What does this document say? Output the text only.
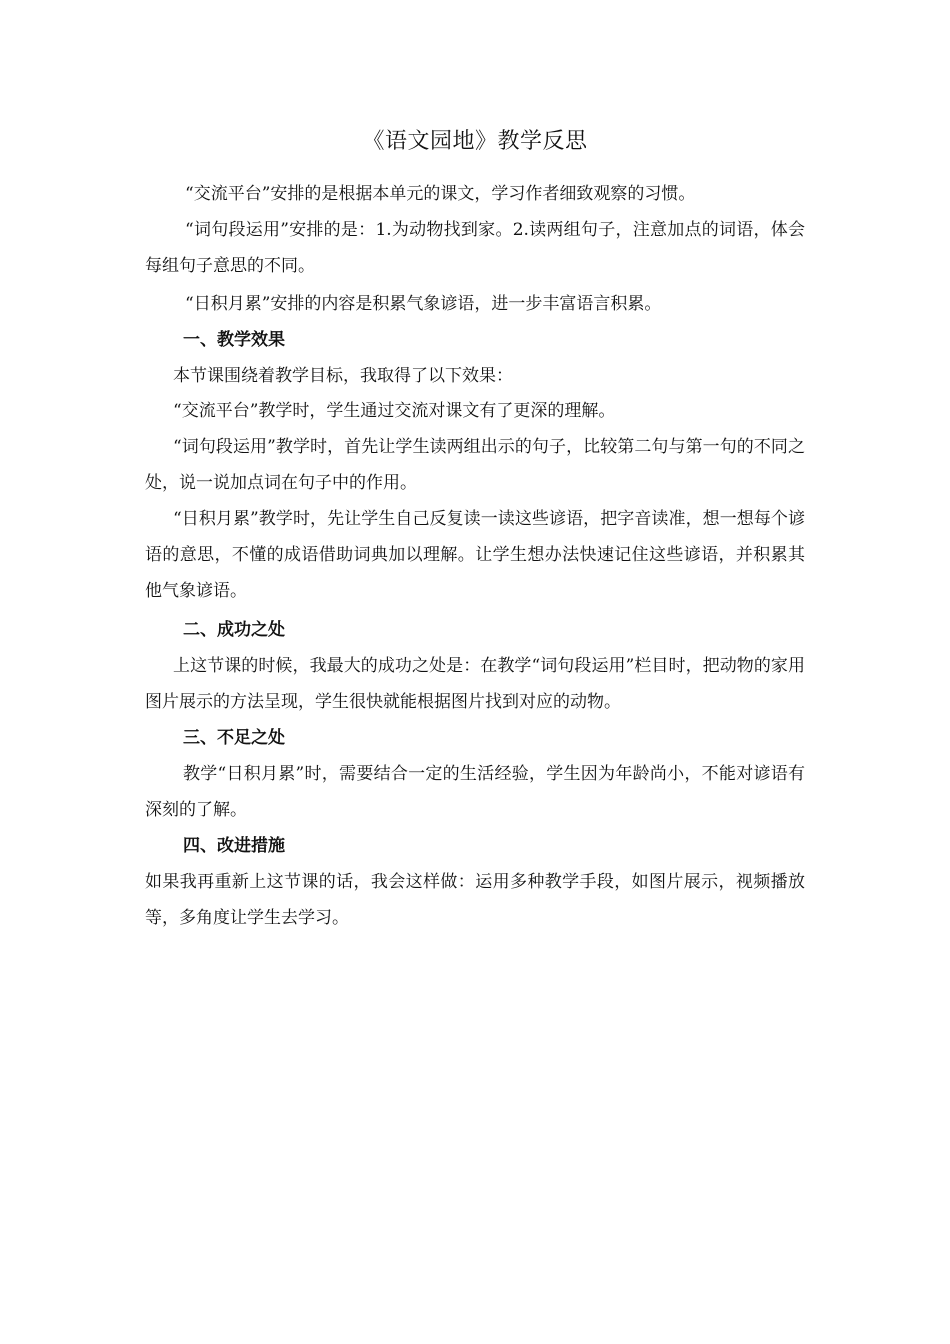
《语文园地》教学反思
“交流平台”安排的是根据本单元的课文，学习作者细致观察的习惯。
“词句段运用”安排的是：1.为动物找到家。2.读两组句子，注意加点的词语，体会每组句子意思的不同。
“日积月累”安排的内容是积累气象谚语，进一步丰富语言积累。
一、教学效果
本节课围绕着教学目标，我取得了以下效果：
“交流平台”教学时，学生通过交流对课文有了更深的理解。
“词句段运用”教学时，首先让学生读两组出示的句子，比较第二句与第一句的不同之处，说一说加点词在句子中的作用。
“日积月累”教学时，先让学生自己反复读一读这些谚语，把字音读准，想一想每个谚语的意思，不懂的成语借助词典加以理解。让学生想办法快速记住这些谚语，并积累其他气象谚语。
二、成功之处
上这节课的时候，我最大的成功之处是：在教学“词句段运用”栏目时，把动物的家用图片展示的方法呈现，学生很快就能根据图片找到对应的动物。
三、不足之处
教学“日积月累”时，需要结合一定的生活经验，学生因为年龄尚小，不能对谚语有深刻的了解。
四、改进措施
如果我再重新上这节课的话，我会这样做：运用多种教学手段，如图片展示，视频播放等，多角度让学生去学习。
